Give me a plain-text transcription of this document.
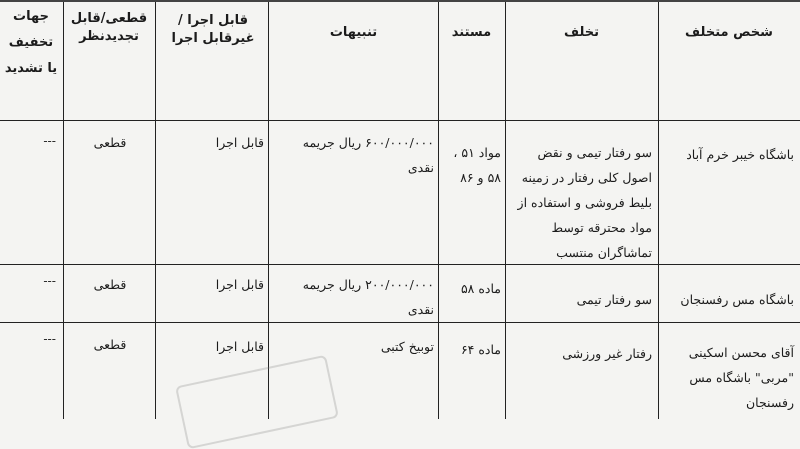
شخص متخلف
تخلف
مستند
تنبیهات
قابل اجرا /غیرقابل اجرا
قطعی/قابل تجدیدنظر
جهات تخفیف یا تشدید
باشگاه خیبر خرم آباد
سو رفتار تیمی و نقض اصول کلی رفتار در زمینه بلیط فروشی و استفاده از مواد محترقه توسط تماشاگران منتسب
مواد ۵۱ ، ۵۸ و ۸۶
۶۰۰/۰۰۰/۰۰۰ ریال جریمه نقدی
قابل اجرا
قطعی
---
باشگاه مس رفسنجان
سو رفتار تیمی
ماده ۵۸
۲۰۰/۰۰۰/۰۰۰ ریال جریمه نقدی
قابل اجرا
قطعی
---
آقای محسن اسکینی "مربی" باشگاه مس رفسنجان
رفتار غیر ورزشی
ماده ۶۴
توبیخ کتبی
قابل اجرا
قطعی
---
